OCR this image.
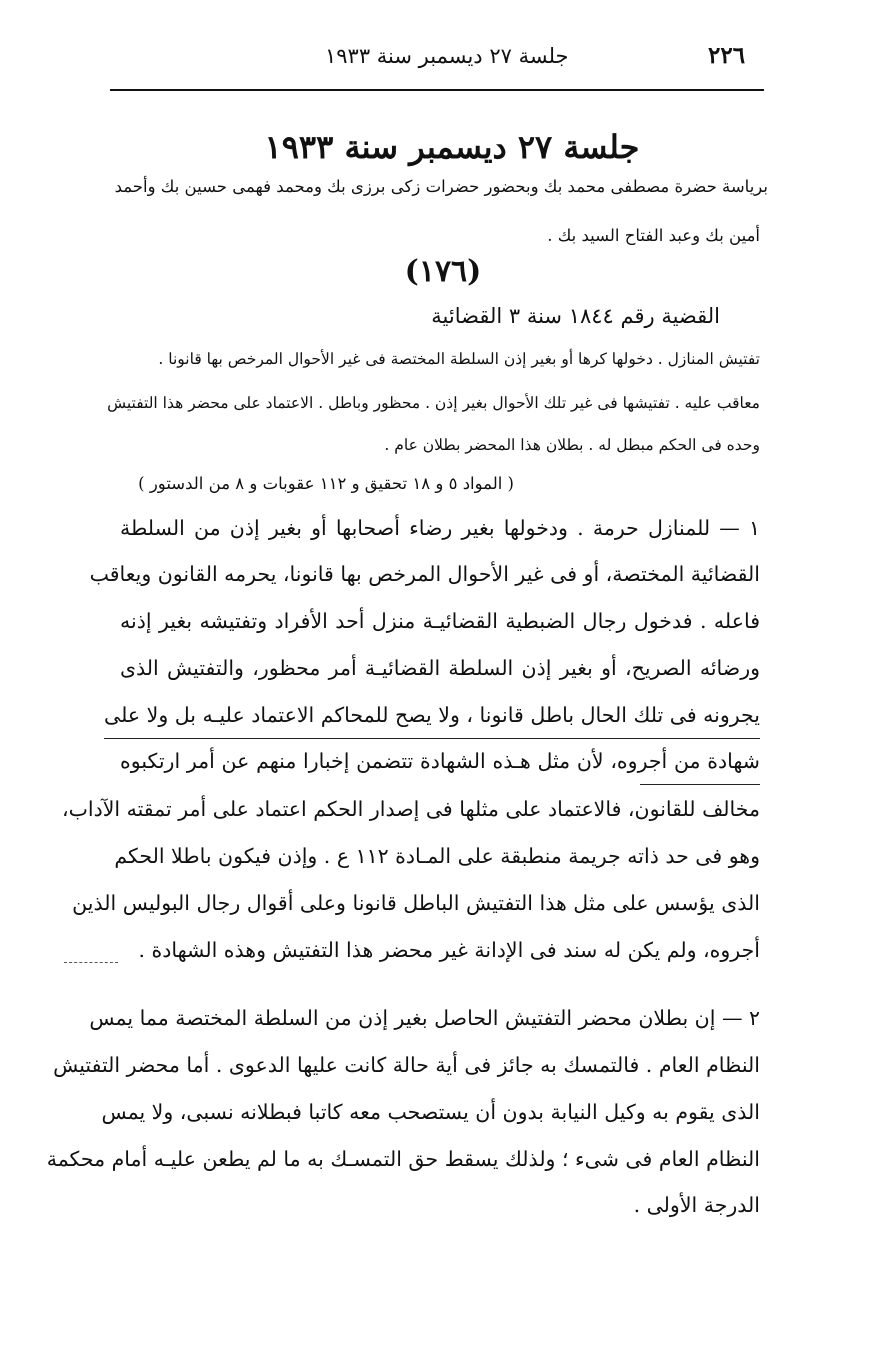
٢٢٦
جلسة ٢٧ ديسمبر سنة ١٩٣٣
جلسة ٢٧ ديسمبر سنة ١٩٣٣
برياسة حضرة مصطفى محمد بك وبحضور حضرات زكى برزى بك ومحمد فهمى حسين بك وأحمد
أمين بك وعبد الفتاح السيد بك .
(١٧٦)
القضية رقم ١٨٤٤ سنة ٣ القضائية
تفتيش المنازل . دخولها كرها أو بغير إذن السلطة المختصة فى غير الأحوال المرخص بها قانونا .
معاقب عليه . تفتيشها فى غير تلك الأحوال بغير إذن . محظور وباطل . الاعتماد على محضر هذا التفتيش
وحده فى الحكم مبطل له . بطلان هذا المحضر بطلان عام .
( المواد ٥ و ١٨ تحقيق و ١١٢ عقوبات و ٨ من الدستور )
١ — للمنازل حرمة . ودخولها بغير رضاء أصحابها أو بغير إذن من السلطة
القضائية المختصة، أو فى غير الأحوال المرخص بها قانونا، يحرمه القانون ويعاقب
فاعله . فدخول رجال الضبطية القضائيـة منزل أحد الأفراد وتفتيشه بغير إذنه
ورضائه الصريح، أو بغير إذن السلطة القضائيـة أمر محظور، والتفتيش الذى
يجرونه فى تلك الحال باطل قانونا ، ولا يصح للمحاكم الاعتماد عليـه بل ولا على
شهادة من أجروه، لأن مثل هـذه الشهادة تتضمن إخبارا منهم عن أمر ارتكبوه
مخالف للقانون، فالاعتماد على مثلها فى إصدار الحكم اعتماد على أمر تمقته الآداب،
وهو فى حد ذاته جريمة منطبقة على المـادة ١١٢ ع . وإذن فيكون باطلا الحكم
الذى يؤسس على مثل هذا التفتيش الباطل قانونا وعلى أقوال رجال البوليس الذين
أجروه، ولم يكن له سند فى الإدانة غير محضر هذا التفتيش وهذه الشهادة .
٢ — إن بطلان محضر التفتيش الحاصل بغير إذن من السلطة المختصة مما يمس
النظام العام . فالتمسك به جائز فى أية حالة كانت عليها الدعوى . أما محضر التفتيش
الذى يقوم به وكيل النيابة بدون أن يستصحب معه كاتبا فبطلانه نسبى، ولا يمس
النظام العام فى شىء ؛ ولذلك يسقط حق التمسـك به ما لم يطعن عليـه أمام محكمة
الدرجة الأولى .
